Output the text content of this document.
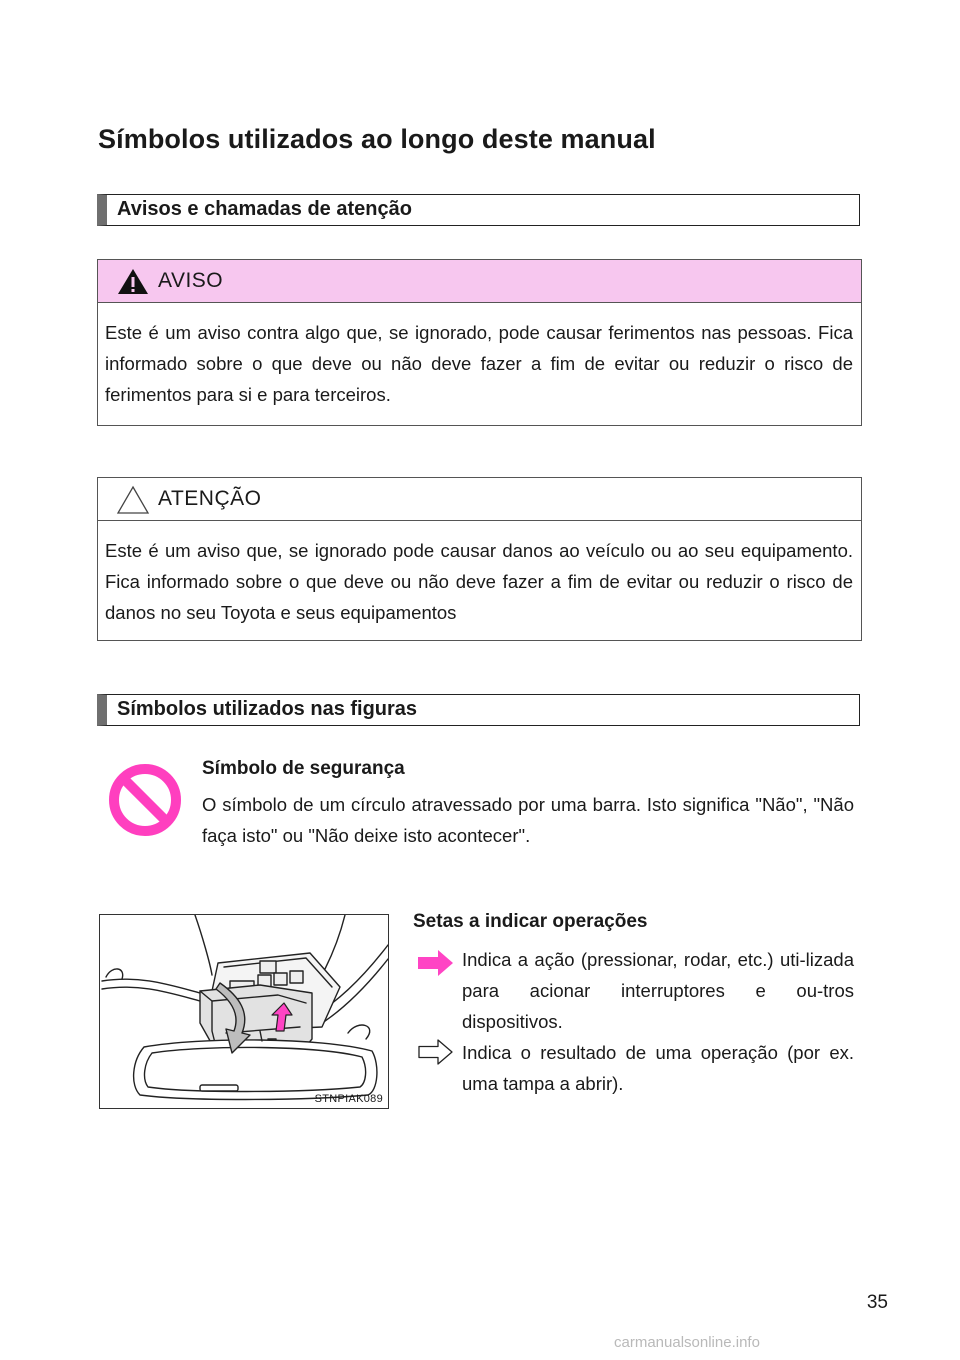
Símbolos utilizados ao longo deste manual
Avisos e chamadas de atenção
AVISO
Este é um aviso contra algo que, se ignorado, pode causar ferimentos nas pessoas. Fica informado sobre o que deve ou não deve fazer a fim de evitar ou reduzir o risco de ferimentos para si e para terceiros.
ATENÇÃO
Este é um aviso que, se ignorado pode causar danos ao veículo ou ao seu equipamento. Fica informado sobre o que deve ou não deve fazer a fim de evitar ou reduzir o risco de danos no seu Toyota e seus equipamentos
Símbolos utilizados nas figuras
Símbolo de segurança
O símbolo de um círculo atravessado por uma barra. Isto significa "Não", "Não faça isto" ou "Não deixe isto acontecer".
STNPIAK089
Setas a indicar operações
Indica a ação (pressionar, rodar, etc.) uti-lizada para acionar interruptores e ou-tros dispositivos.
Indica o resultado de uma operação (por ex. uma tampa a abrir).
35
carmanualsonline.info
